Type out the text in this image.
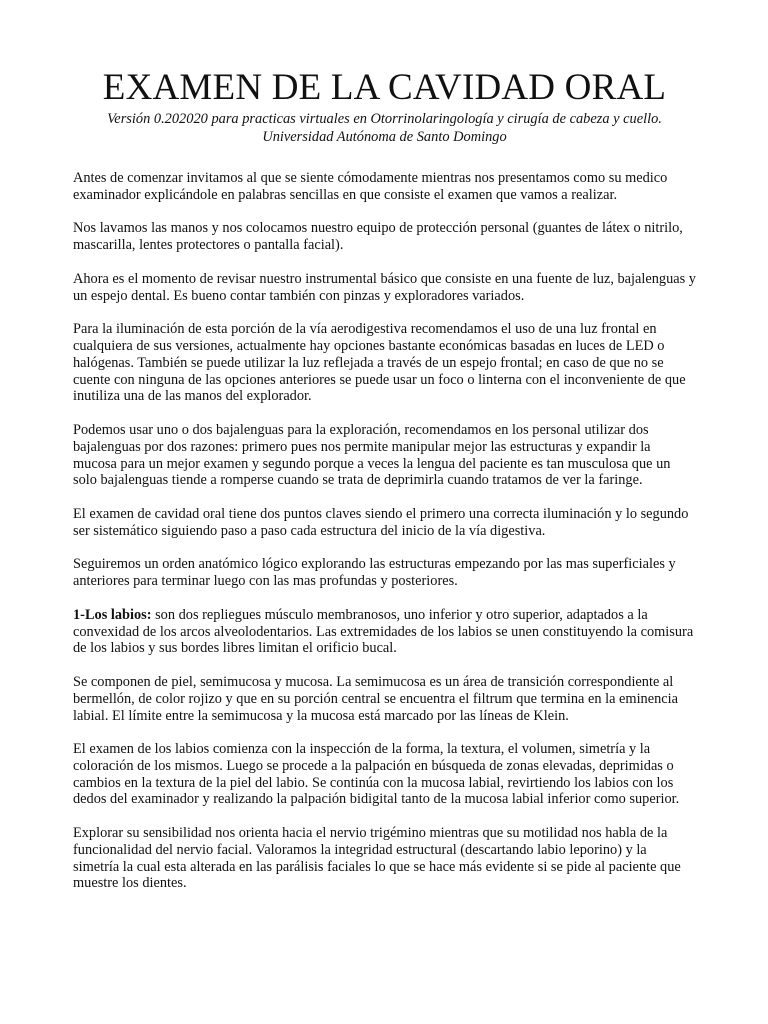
EXAMEN DE LA CAVIDAD ORAL
Versión 0.202020 para practicas virtuales en Otorrinolaringología y cirugía de cabeza y cuello.
Universidad Autónoma de Santo Domingo

Antes de comenzar invitamos al que se siente cómodamente mientras nos presentamos como su medico examinador explicándole en palabras sencillas en que consiste el examen que vamos a realizar.

Nos lavamos las manos y nos colocamos nuestro equipo de protección personal (guantes de látex o nitrilo, mascarilla, lentes protectores o pantalla facial).

Ahora es el momento de revisar nuestro instrumental básico que consiste en una fuente de luz, bajalenguas y un espejo dental. Es bueno contar también con pinzas y exploradores variados.

Para la iluminación de esta porción de la vía aerodigestiva recomendamos el uso de una luz frontal en cualquiera de sus versiones, actualmente hay opciones bastante económicas basadas en luces de LED o halógenas. También se puede utilizar la luz reflejada a través de un espejo frontal; en caso de que no se cuente con ninguna de las opciones anteriores se puede usar un foco o linterna con el inconveniente de que inutiliza una de las manos del explorador.

Podemos usar uno o dos bajalenguas para la exploración, recomendamos en los personal utilizar dos bajalenguas por dos razones: primero pues nos permite manipular mejor las estructuras y expandir la mucosa para un mejor examen y segundo porque a veces la lengua del paciente es tan musculosa que un solo bajalenguas tiende a romperse cuando se trata de deprimirla cuando tratamos de ver la faringe.

El examen de cavidad oral tiene dos puntos claves siendo el primero una correcta iluminación y lo segundo ser sistemático siguiendo paso a paso cada estructura del inicio de la vía digestiva.

Seguiremos un orden anatómico lógico explorando las estructuras empezando por las mas superficiales y anteriores para terminar luego con las mas profundas y posteriores.

1-Los labios: son dos repliegues músculo membranosos, uno inferior y otro superior, adaptados a la convexidad de los arcos alveolodentarios. Las extremidades de los labios se unen constituyendo la comisura de los labios y sus bordes libres limitan el orificio bucal.

Se componen de piel, semimucosa y mucosa. La semimucosa es un área de transición correspondiente al bermellón, de color rojizo y que en su porción central se encuentra el filtrum que termina en la eminencia labial. El límite entre la semimucosa y la mucosa está marcado por las líneas de Klein.

El examen de los labios comienza con la inspección de la forma, la textura, el volumen, simetría y la coloración de los mismos. Luego se procede a la palpación en búsqueda de zonas elevadas, deprimidas o cambios en la textura de la piel del labio. Se continúa con la mucosa labial, revirtiendo los labios con los dedos del examinador y realizando la palpación bidigital tanto de la mucosa labial inferior como superior.

Explorar su sensibilidad nos orienta hacia el nervio trigémino mientras que su motilidad nos habla de la funcionalidad del nervio facial. Valoramos la integridad estructural (descartando labio leporino) y la simetría la cual esta alterada en las parálisis faciales lo que se hace más evidente si se pide al paciente que muestre los dientes.
